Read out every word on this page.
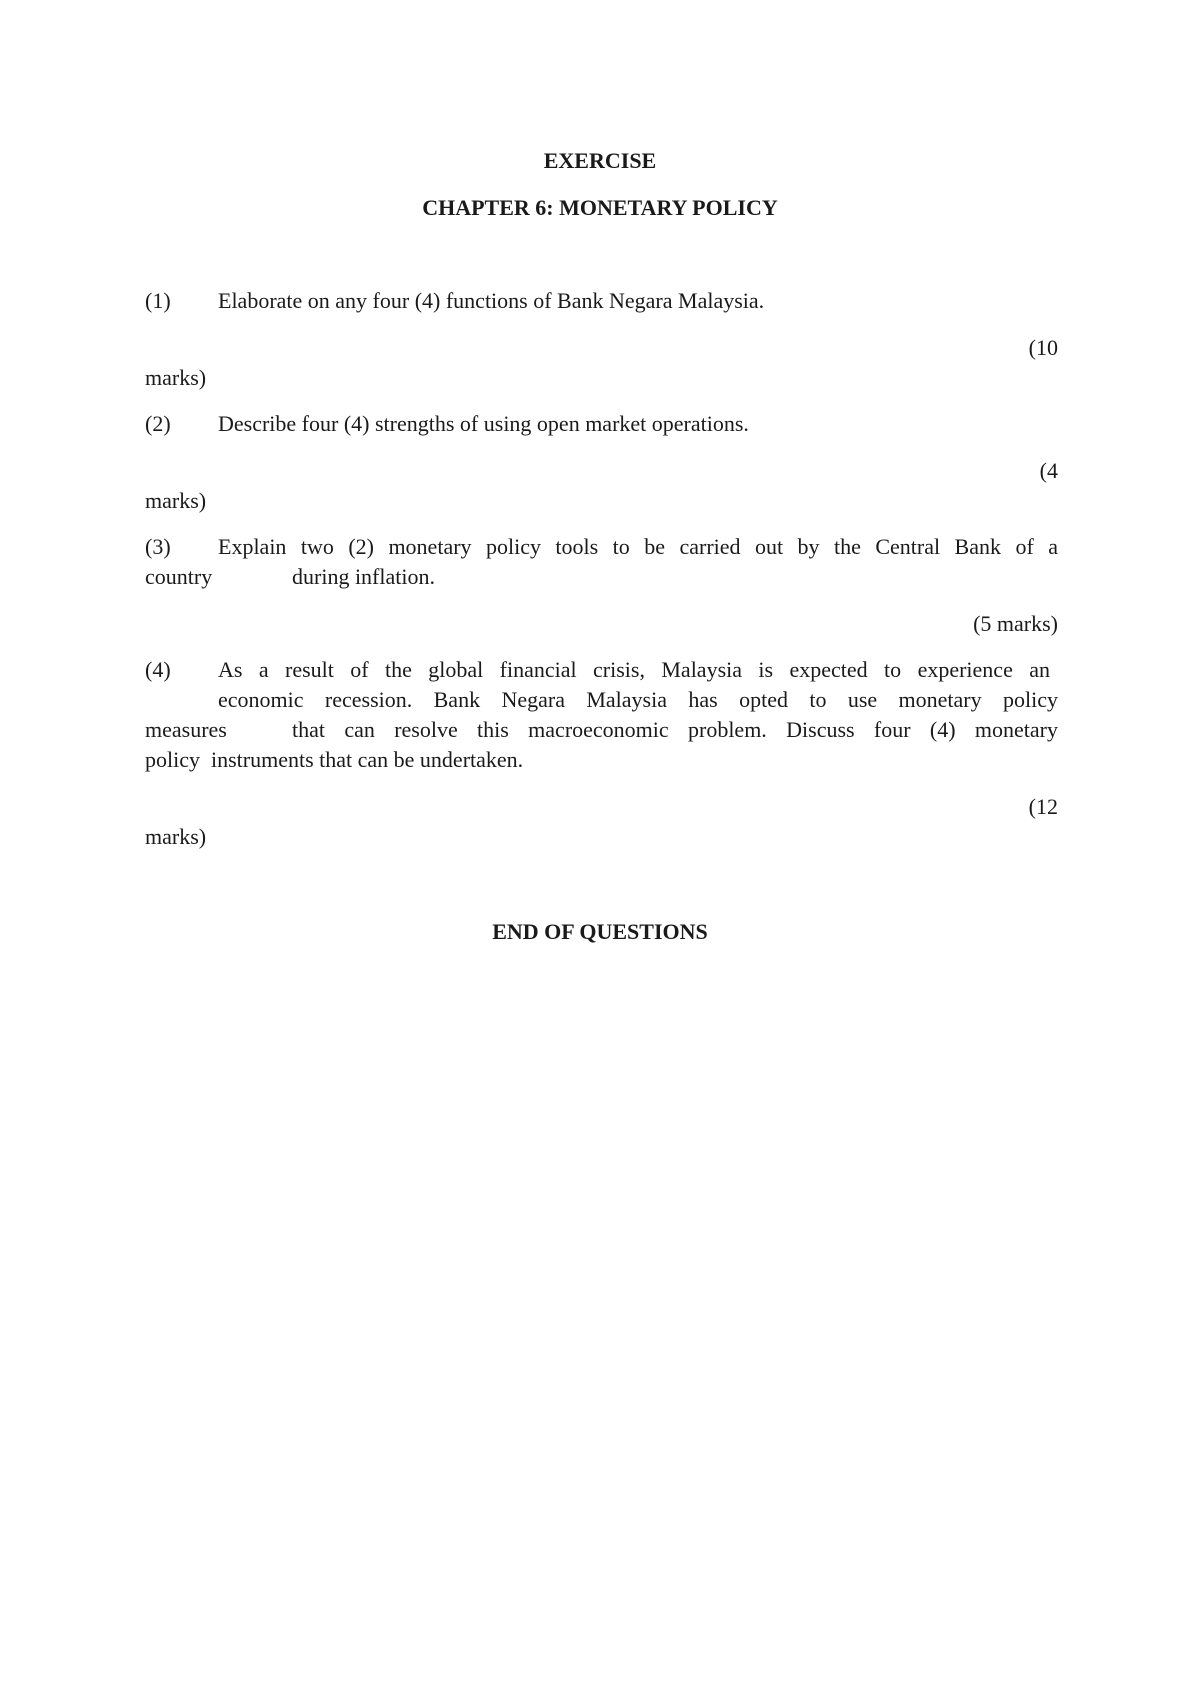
EXERCISE
CHAPTER 6: MONETARY POLICY
(1) Elaborate on any four (4) functions of Bank Negara Malaysia.
(10
marks)
(2) Describe four (4) strengths of using open market operations.
(4
marks)
(3) Explain two (2) monetary policy tools to be carried out by the Central Bank of a
country	during inflation.
(5 marks)
(4) As a result of the global financial crisis, Malaysia is expected to experience an
economic recession. Bank Negara Malaysia has opted to use monetary policy
measures	that can resolve this macroeconomic problem. Discuss four (4) monetary
policy  instruments that can be undertaken.
(12
marks)
END OF QUESTIONS
